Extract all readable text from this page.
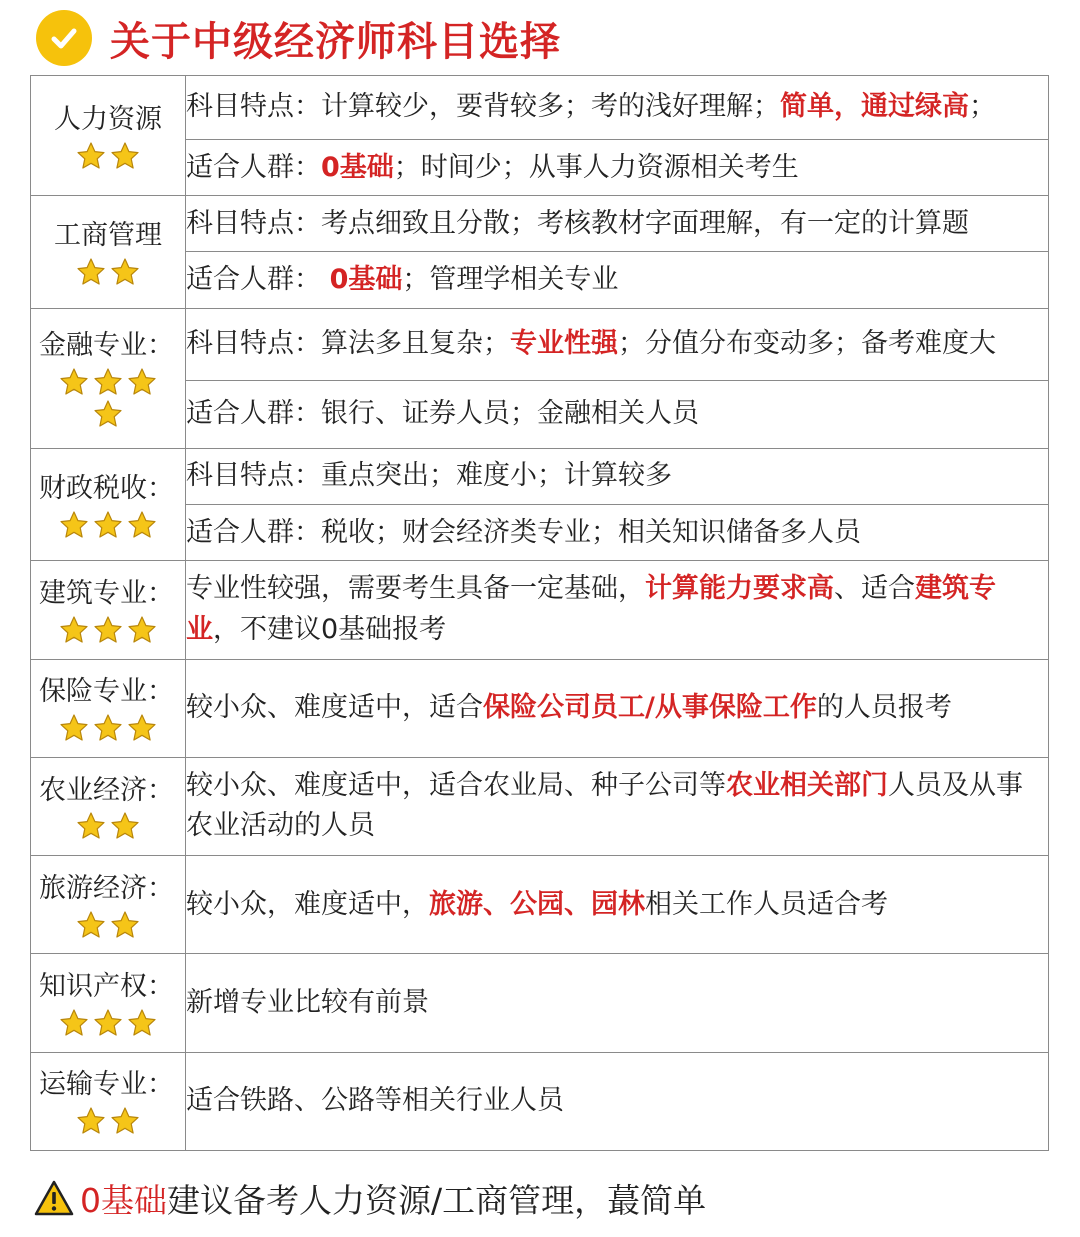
关于中级经济师科目选择
人力资源	科目特点：计算较少，要背较多；考的浅好理解；简单，通过绿高；
	适合人群：0基础；时间少；从事人力资源相关考生

工商管理	科目特点：考点细致且分散；考核教材字面理解，有一定的计算题
	适合人群： 0基础；管理学相关专业

金融专业：	科目特点：算法多且复杂；专业性强；分值分布变动多；备考难度大
	适合人群：银行、证券人员；金融相关人员

财政税收：	科目特点：重点突出；难度小；计算较多
	适合人群：税收；财会经济类专业；相关知识储备多人员

建筑专业：	专业性较强，需要考生具备一定基础，计算能力要求高、适合建筑专业，不建议0基础报考

保险专业：	较小众、难度适中，适合保险公司员工/从事保险工作的人员报考

农业经济：	较小众、难度适中，适合农业局、种子公司等农业相关部门人员及从事农业活动的人员

旅游经济：	较小众，难度适中，旅游、公园、园林相关工作人员适合考

知识产权：	新增专业比较有前景

运输专业：	适合铁路、公路等相关行业人员
0基础 建议备考人力资源/工商管理，蕞简单
